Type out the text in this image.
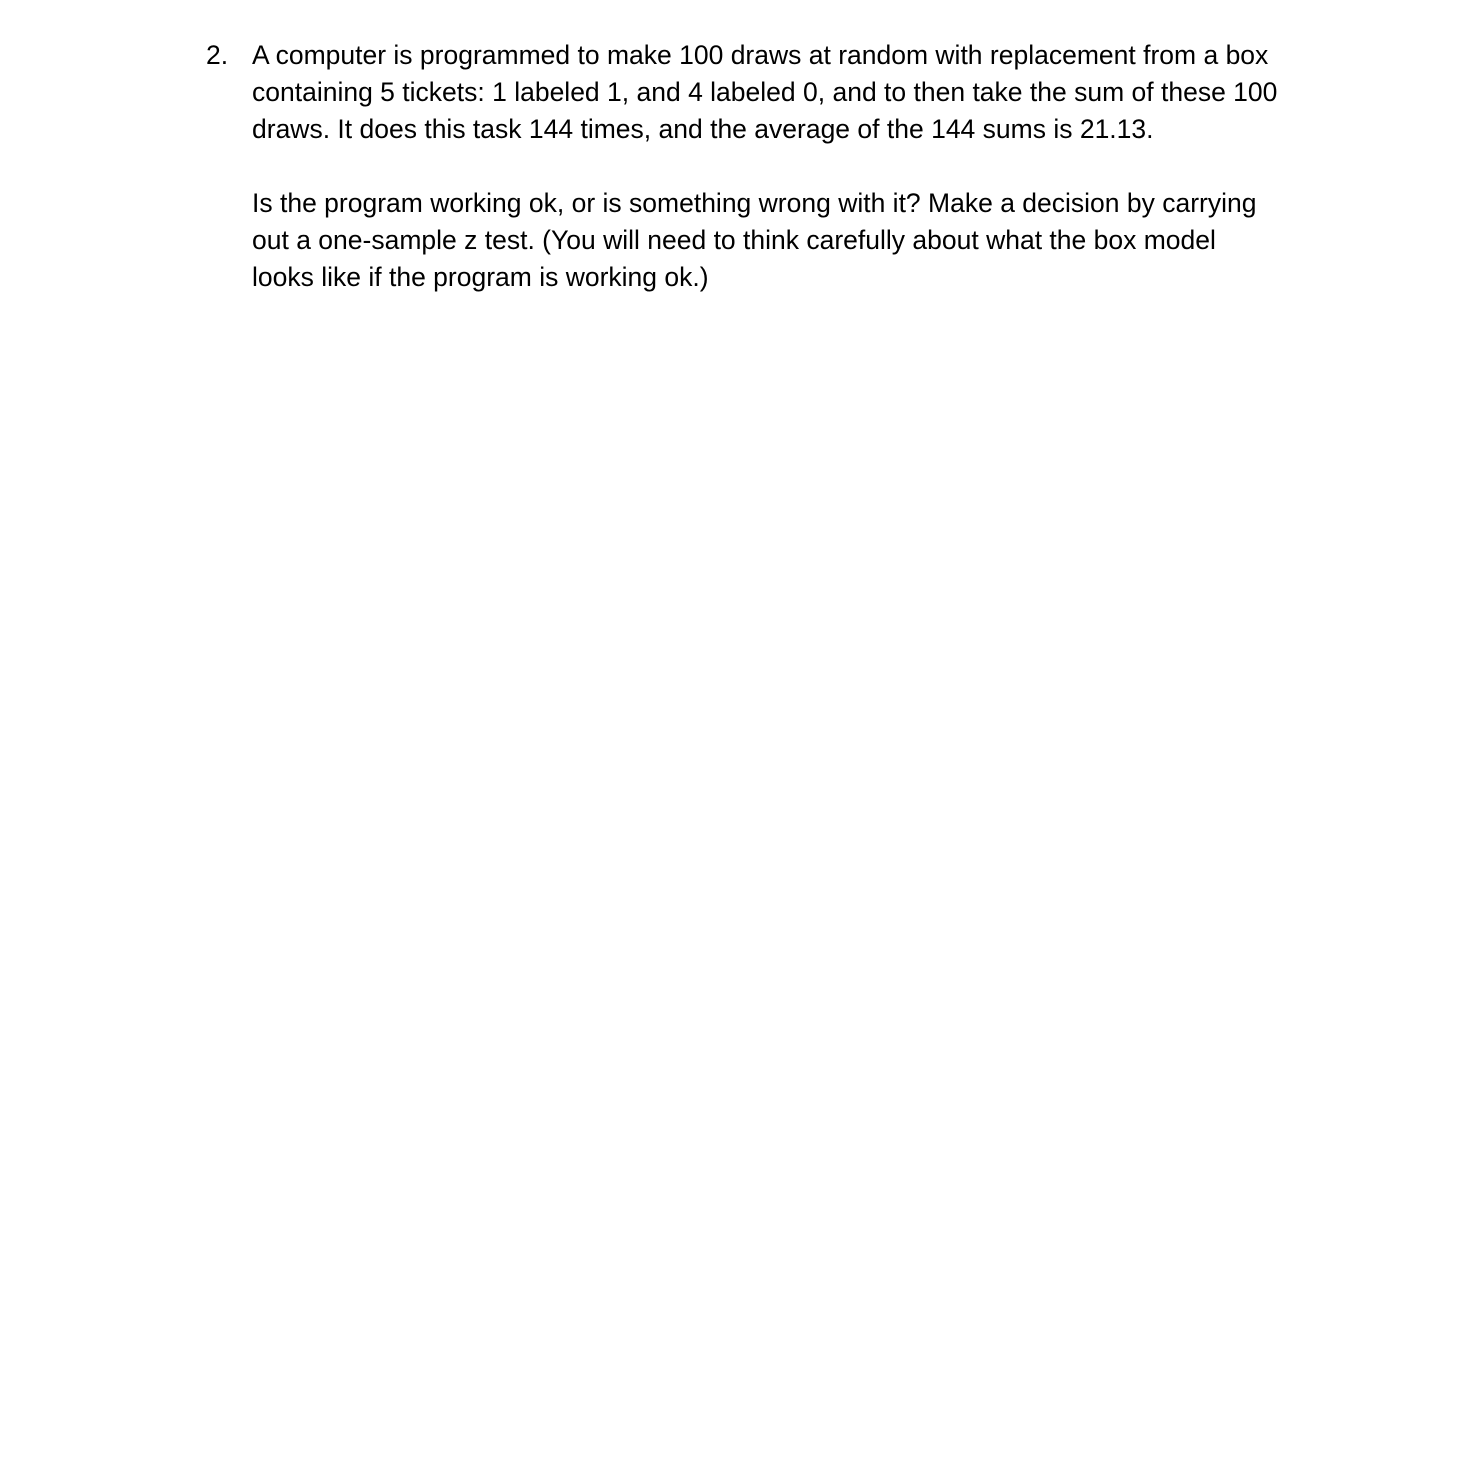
2. A computer is programmed to make 100 draws at random with replacement from a box
containing 5 tickets: 1 labeled 1, and 4 labeled 0, and to then take the sum of these 100
draws. It does this task 144 times, and the average of the 144 sums is 21.13.

Is the program working ok, or is something wrong with it? Make a decision by carrying
out a one-sample z test. (You will need to think carefully about what the box model
looks like if the program is working ok.)
